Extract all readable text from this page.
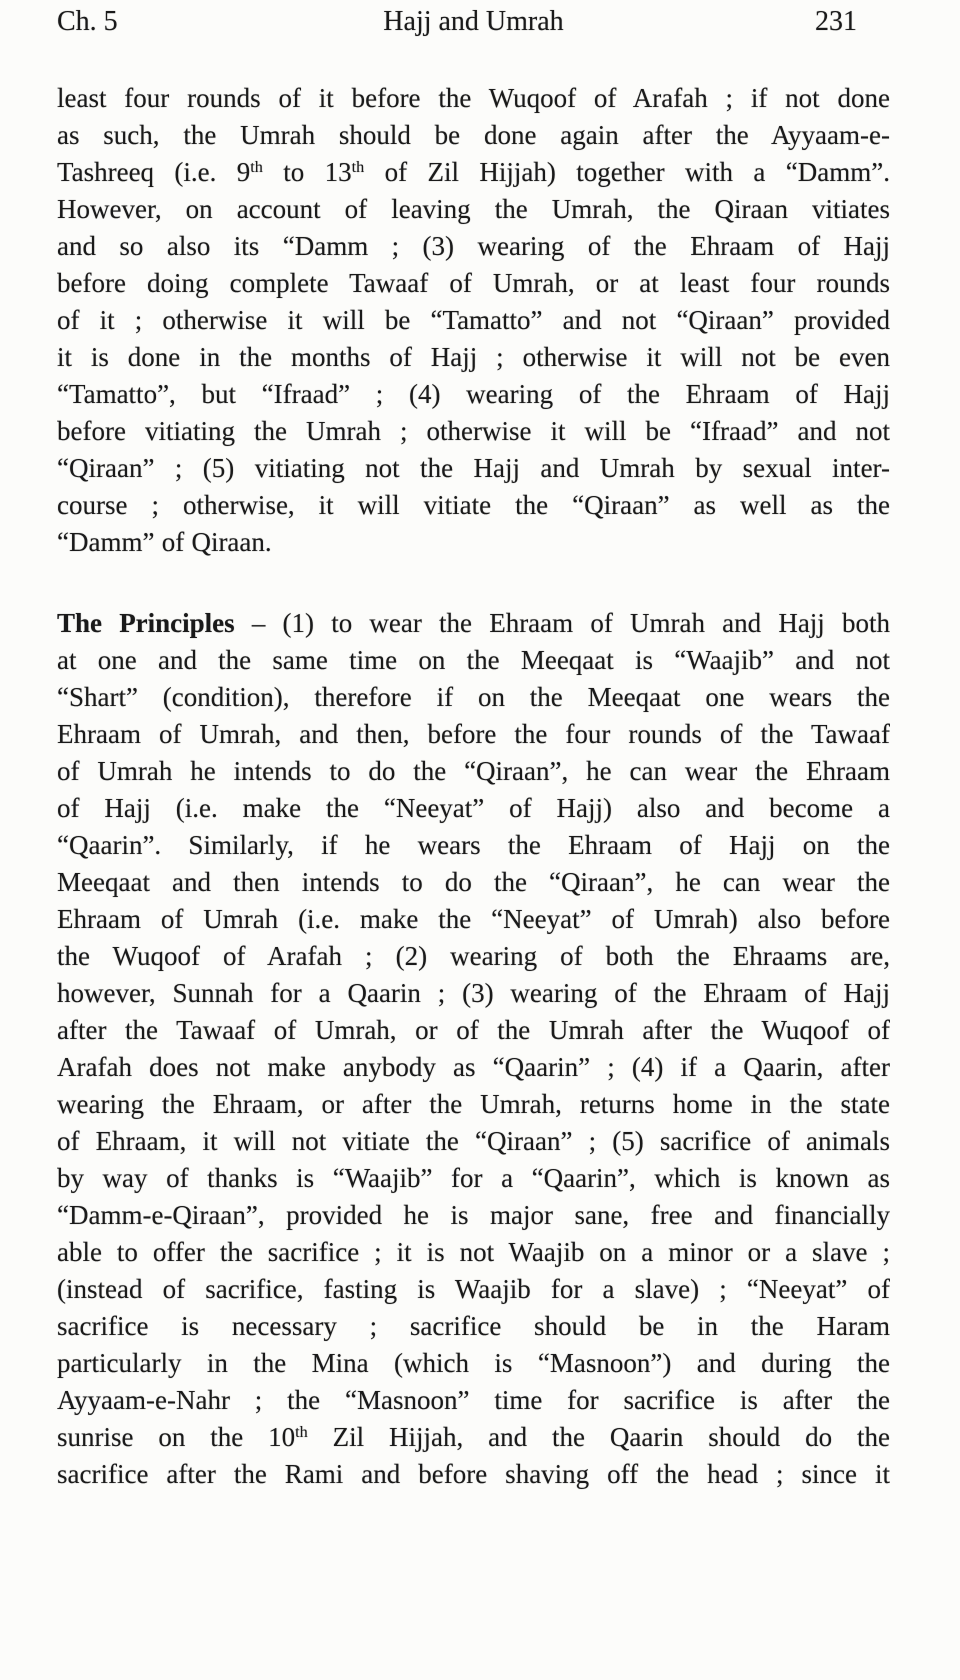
Ch. 5	Hajj and Umrah	231
least four rounds of it before the Wuqoof of Arafah ; if not done
as such, the Umrah should be done again after the Ayyaam-e-
Tashreeq (i.e. 9th to 13th of Zil Hijjah) together with a “Damm”.
However, on account of leaving the Umrah, the Qiraan vitiates
and so also its “Damm ; (3) wearing of the Ehraam of Hajj
before doing complete Tawaaf of Umrah, or at least four rounds
of it ; otherwise it will be “Tamatto” and not “Qiraan” provided
it is done in the months of Hajj ; otherwise it will not be even
“Tamatto”, but “Ifraad” ; (4) wearing of the Ehraam of Hajj
before vitiating the Umrah ; otherwise it will be “Ifraad” and not
“Qiraan” ; (5) vitiating not the Hajj and Umrah by sexual inter-
course ; otherwise, it will vitiate the “Qiraan” as well as the
“Damm” of Qiraan.
The Principles – (1) to wear the Ehraam of Umrah and Hajj both
at one and the same time on the Meeqaat is “Waajib” and not
“Shart” (condition), therefore if on the Meeqaat one wears the
Ehraam of Umrah, and then, before the four rounds of the Tawaaf
of Umrah he intends to do the “Qiraan”, he can wear the Ehraam
of Hajj (i.e. make the “Neeyat” of Hajj) also and become a
“Qaarin”. Similarly, if he wears the Ehraam of Hajj on the
Meeqaat and then intends to do the “Qiraan”, he can wear the
Ehraam of Umrah (i.e. make the “Neeyat” of Umrah) also before
the Wuqoof of Arafah ; (2) wearing of both the Ehraams are,
however, Sunnah for a Qaarin ; (3) wearing of the Ehraam of Hajj
after the Tawaaf of Umrah, or of the Umrah after the Wuqoof of
Arafah does not make anybody as “Qaarin” ; (4) if a Qaarin, after
wearing the Ehraam, or after the Umrah, returns home in the state
of Ehraam, it will not vitiate the “Qiraan” ; (5) sacrifice of animals
by way of thanks is “Waajib” for a “Qaarin”, which is known as
“Damm-e-Qiraan”, provided he is major sane, free and financially
able to offer the sacrifice ; it is not Waajib on a minor or a slave ;
(instead of sacrifice, fasting is Waajib for a slave) ; “Neeyat” of
sacrifice is necessary ; sacrifice should be in the Haram
particularly in the Mina (which is “Masnoon”) and during the
Ayyaam-e-Nahr ; the “Masnoon” time for sacrifice is after the
sunrise on the 10th Zil Hijjah, and the Qaarin should do the
sacrifice after the Rami and before shaving off the head ; since it
